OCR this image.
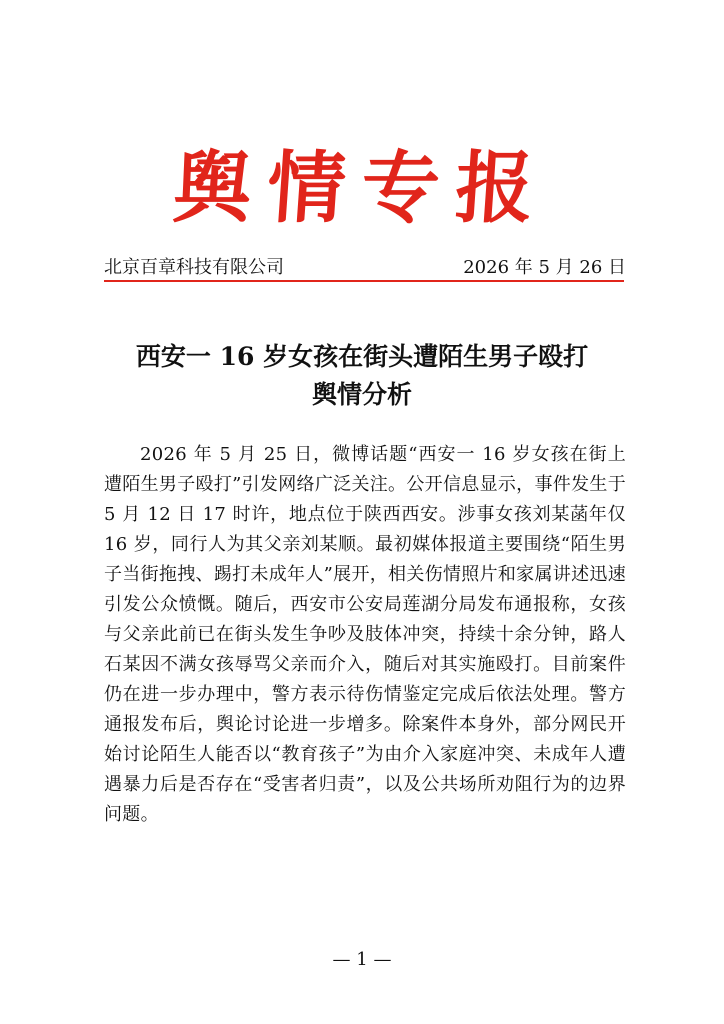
舆情专报
北京百章科技有限公司	2026 年 5 月 26 日
西安一 16 岁女孩在街头遭陌生男子殴打
舆情分析
2026 年 5 月 25 日，微博话题“西安一 16 岁女孩在街上遭陌生男子殴打”引发网络广泛关注。公开信息显示，事件发生于 5 月 12 日 17 时许，地点位于陕西西安。涉事女孩刘某菡年仅 16 岁，同行人为其父亲刘某顺。最初媒体报道主要围绕“陌生男子当街拖拽、踢打未成年人”展开，相关伤情照片和家属讲述迅速引发公众愤慨。随后，西安市公安局莲湖分局发布通报称，女孩与父亲此前已在街头发生争吵及肢体冲突，持续十余分钟，路人石某因不满女孩辱骂父亲而介入，随后对其实施殴打。目前案件仍在进一步办理中，警方表示待伤情鉴定完成后依法处理。警方通报发布后，舆论讨论进一步增多。除案件本身外，部分网民开始讨论陌生人能否以“教育孩子”为由介入家庭冲突、未成年人遭遇暴力后是否存在“受害者归责”，以及公共场所劝阻行为的边界问题。
— 1 —
